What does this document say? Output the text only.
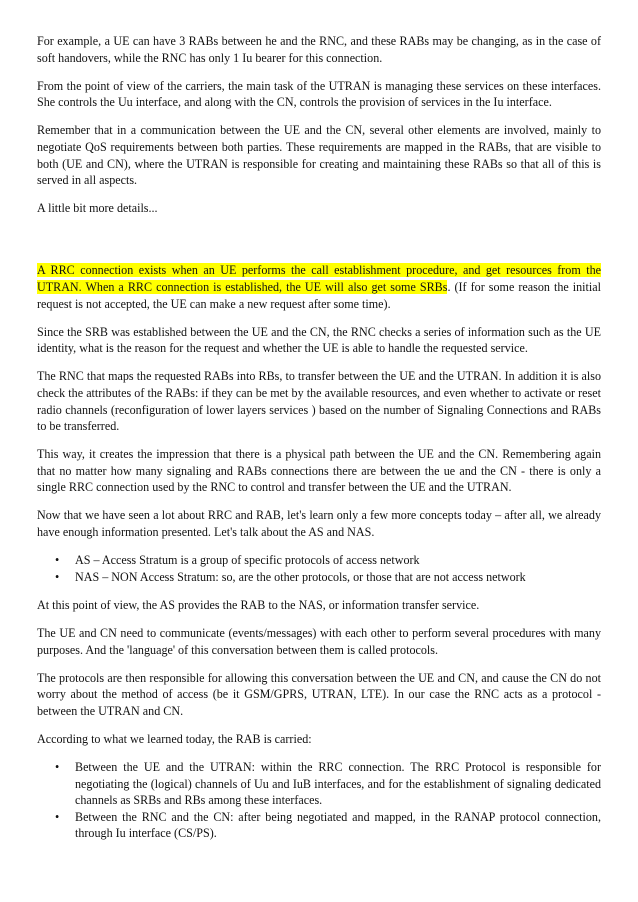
For example, a UE can have 3 RABs between he and the RNC, and these RABs may be changing, as in the case of soft handovers, while the RNC has only 1 Iu bearer for this connection.

From the point of view of the carriers, the main task of the UTRAN is managing these services on these interfaces. She controls the Uu interface, and along with the CN, controls the provision of services in the Iu interface.

Remember that in a communication between the UE and the CN, several other elements are involved, mainly to negotiate QoS requirements between both parties. These requirements are mapped in the RABs, that are visible to both (UE and CN), where the UTRAN is responsible for creating and maintaining these RABs so that all of this is served in all aspects.

A little bit more details...

A RRC connection exists when an UE performs the call establishment procedure, and get resources from the UTRAN. When a RRC connection is established, the UE will also get some SRBs. (If for some reason the initial request is not accepted, the UE can make a new request after some time).

Since the SRB was established between the UE and the CN, the RNC checks a series of information such as the UE identity, what is the reason for the request and whether the UE is able to handle the requested service.

The RNC that maps the requested RABs into RBs, to transfer between the UE and the UTRAN. In addition it is also check the attributes of the RABs: if they can be met by the available resources, and even whether to activate or reset radio channels (reconfiguration of lower layers services ) based on the number of Signaling Connections and RABs to be transferred.

This way, it creates the impression that there is a physical path between the UE and the CN. Remembering again that no matter how many signaling and RABs connections there are between the ue and the CN - there is only a single RRC connection used by the RNC to control and transfer between the UE and the UTRAN.

Now that we have seen a lot about RRC and RAB, let's learn only a few more concepts today – after all, we already have enough information presented. Let's talk about the AS and NAS.

• AS – Access Stratum is a group of specific protocols of access network
• NAS – NON Access Stratum: so, are the other protocols, or those that are not access network

At this point of view, the AS provides the RAB to the NAS, or information transfer service.

The UE and CN need to communicate (events/messages) with each other to perform several procedures with many purposes. And the 'language' of this conversation between them is called protocols.

The protocols are then responsible for allowing this conversation between the UE and CN, and cause the CN do not worry about the method of access (be it GSM/GPRS, UTRAN, LTE). In our case the RNC acts as a protocol - between the UTRAN and CN.

According to what we learned today, the RAB is carried:

• Between the UE and the UTRAN: within the RRC connection. The RRC Protocol is responsible for negotiating the (logical) channels of Uu and IuB interfaces, and for the establishment of signaling dedicated channels as SRBs and RBs among these interfaces.
• Between the RNC and the CN: after being negotiated and mapped, in the RANAP protocol connection, through Iu interface (CS/PS).
